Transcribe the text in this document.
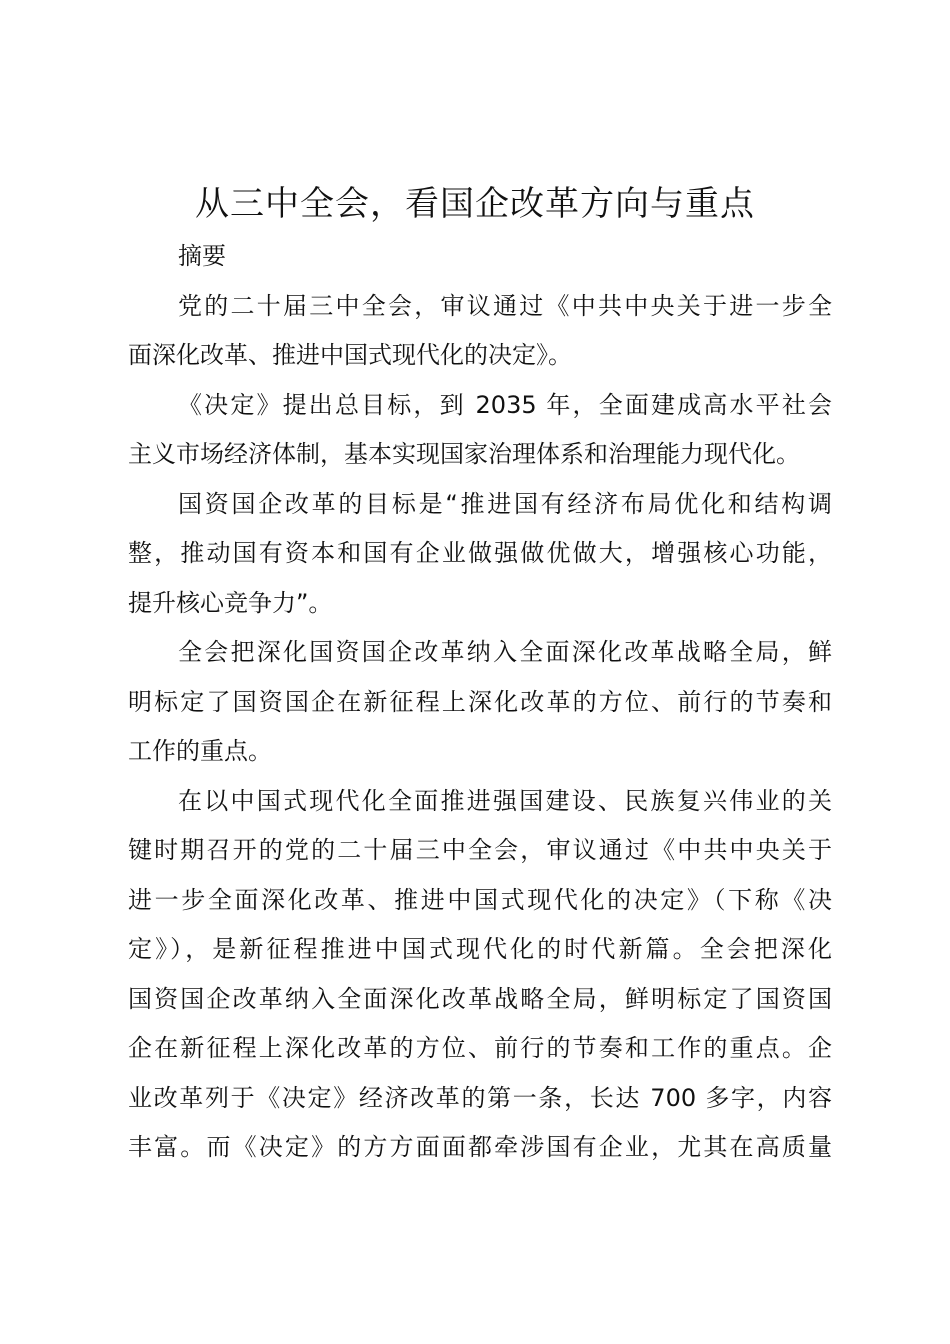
从三中全会，看国企改革方向与重点
摘要
党的二十届三中全会，审议通过《中共中央关于进一步全
面深化改革、推进中国式现代化的决定》。
《决定》提出总目标，到 2035 年，全面建成高水平社会
主义市场经济体制，基本实现国家治理体系和治理能力现代化。
国资国企改革的目标是“推进国有经济布局优化和结构调
整，推动国有资本和国有企业做强做优做大，增强核心功能，
提升核心竞争力”。
全会把深化国资国企改革纳入全面深化改革战略全局，鲜
明标定了国资国企在新征程上深化改革的方位、前行的节奏和
工作的重点。
在以中国式现代化全面推进强国建设、民族复兴伟业的关
键时期召开的党的二十届三中全会，审议通过《中共中央关于
进一步全面深化改革、推进中国式现代化的决定》（下称《决
定》），是新征程推进中国式现代化的时代新篇。全会把深化
国资国企改革纳入全面深化改革战略全局，鲜明标定了国资国
企在新征程上深化改革的方位、前行的节奏和工作的重点。企
业改革列于《决定》经济改革的第一条，长达 700 多字，内容
丰富。而《决定》的方方面面都牵涉国有企业，尤其在高质量
